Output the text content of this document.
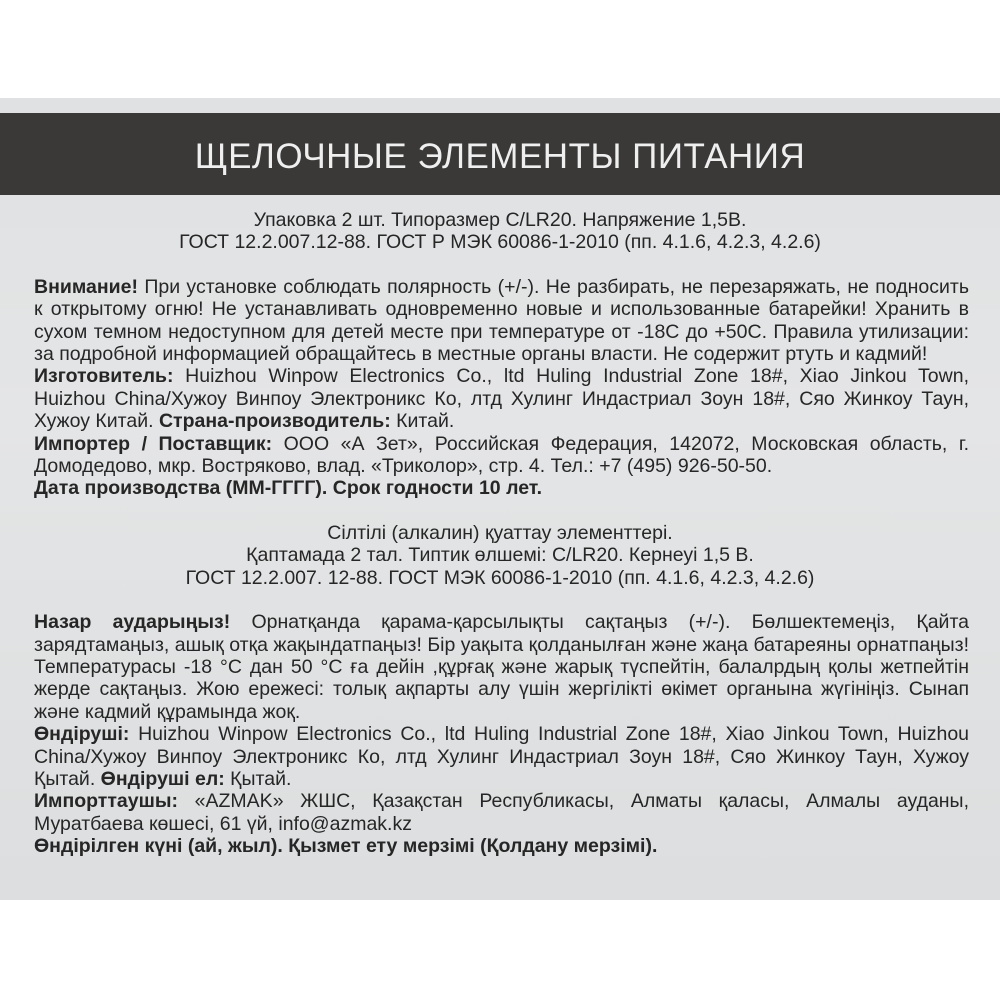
ЩЕЛОЧНЫЕ ЭЛЕМЕНТЫ ПИТАНИЯ
Упаковка 2 шт. Типоразмер C/LR20. Напряжение 1,5В.
ГОСТ 12.2.007.12-88. ГОСТ Р МЭК 60086-1-2010 (пп. 4.1.6, 4.2.3, 4.2.6)
Внимание! При установке соблюдать полярность (+/-). Не разбирать, не перезаряжать, не подносить к открытому огню! Не устанавливать одновременно новые и использованные батарейки! Хранить в сухом темном недоступном для детей месте при температуре от -18С до +50С. Правила утилизации: за подробной информацией обращайтесь в местные органы власти. Не содержит ртуть и кадмий!
Изготовитель: Huizhou Winpow Electronics Co., ltd Huling Industrial Zone 18#, Xiao Jinkou Town, Huizhou China/Хужоу Винпоу Электроникс Ко, лтд Хулинг Индастриал Зоун 18#, Сяо Жинкоу Таун, Хужоу Китай. Страна-производитель: Китай.
Импортер / Поставщик: ООО «А Зет», Российская Федерация, 142072, Московская область, г. Домодедово, мкр. Востряково, влад. «Триколор», стр. 4. Тел.: +7 (495) 926-50-50.
Дата производства (ММ-ГГГГ). Срок годности 10 лет.
Сілтілі (алкалин) қуаттау элементтері.
Қаптамада 2 тал. Типтик өлшемі: C/LR20. Кернеуі 1,5 В.
ГОСТ 12.2.007. 12-88. ГОСТ МЭК 60086-1-2010 (пп. 4.1.6, 4.2.3, 4.2.6)
Назар аударыңыз! Орнатқанда қарама-қарсылықты сақтаңыз (+/-). Бөлшектемеңіз, Қайта зарядтамаңыз, ашық отқа жақындатпаңыз! Бір уақыта қолданылған және жаңа батареяны орнатпаңыз! Температурасы -18 °С дан 50 °С ға дейін ,құрғақ және жарық түспейтін, балалрдың қолы жетпейтін жерде сақтаңыз. Жою ережесі: толық ақпарты алу үшін жергілікті өкімет органына жүгініңіз. Сынап және кадмий құрамында жоқ.
Өндіруші: Huizhou Winpow Electronics Co., ltd Huling Industrial Zone 18#, Xiao Jinkou Town, Huizhou China/Хужоу Винпоу Электроникс Ко, лтд Хулинг Индастриал Зоун 18#, Сяо Жинкоу Таун, Хужоу Қытай. Өндіруші ел: Қытай.
Импорттаушы: «AZMAK» ЖШС, Қазақстан Республикасы, Алматы қаласы, Алмалы ауданы, Муратбаева көшесі, 61 үй, info@azmak.kz
Өндірілген күні (ай, жыл). Қызмет ету мерзімі (Қолдану мерзімі).
